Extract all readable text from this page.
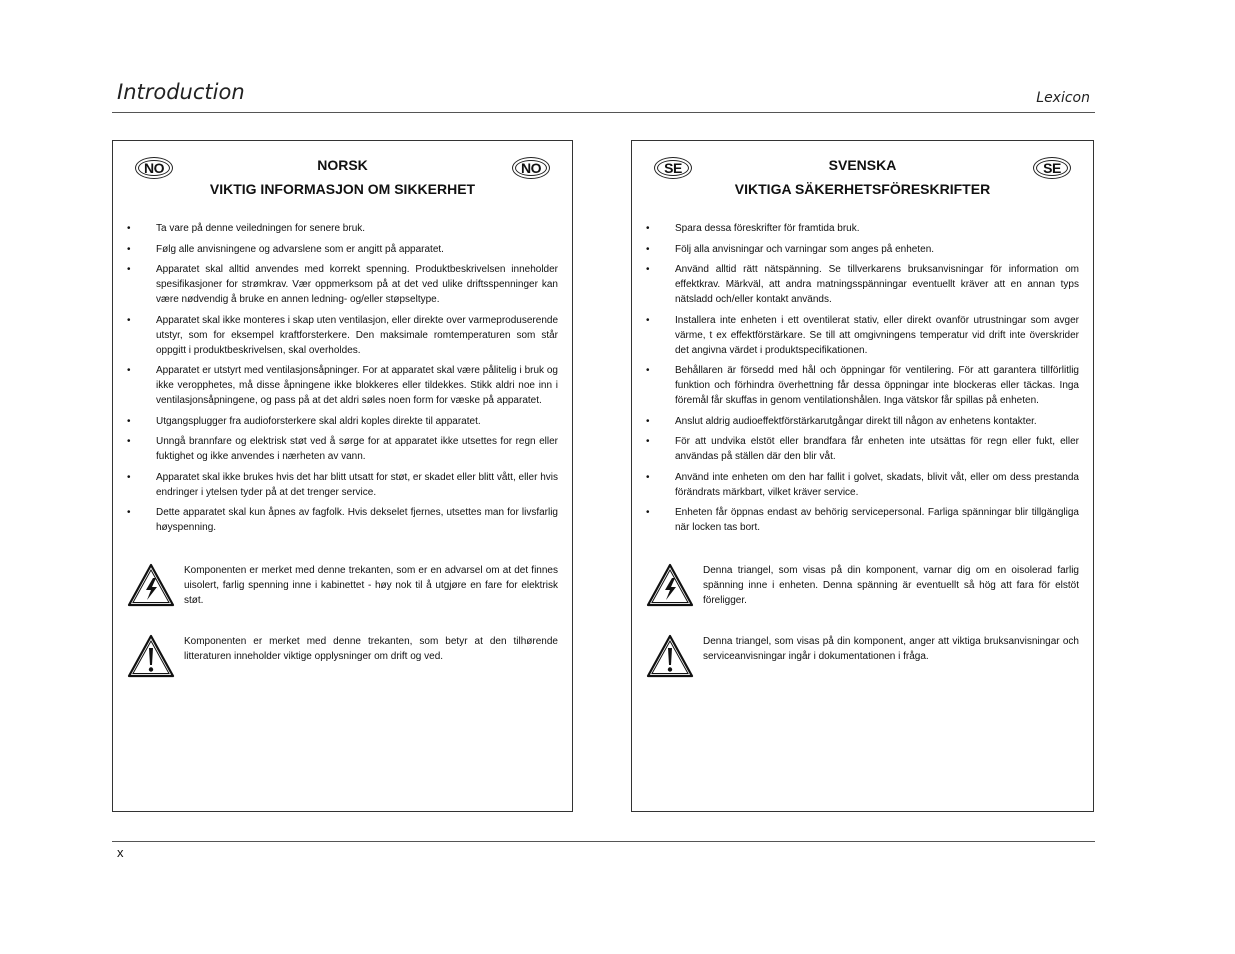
Introduction	Lexicon
NO	NO
NORSK
VIKTIG INFORMASJON OM SIKKERHET
• Ta vare på denne veiledningen for senere bruk.
• Følg alle anvisningene og advarslene som er angitt på apparatet.
• Apparatet skal alltid anvendes med korrekt spenning. Produktbeskrivelsen inneholder spesifikasjoner for strømkrav. Vær oppmerksom på at det ved ulike driftsspenninger kan være nødvendig å bruke en annen ledning- og/eller støpseltype.
• Apparatet skal ikke monteres i skap uten ventilasjon, eller direkte over varmeproduserende utstyr, som for eksempel kraftforsterkere. Den maksimale romtemperaturen som står oppgitt i produktbeskrivelsen, skal overholdes.
• Apparatet er utstyrt med ventilasjonsåpninger. For at apparatet skal være pålitelig i bruk og ikke veropphetes, må disse åpningene ikke blokkeres eller tildekkes. Stikk aldri noe inn i ventilasjonsåpningene, og pass på at det aldri søles noen form for væske på apparatet.
• Utgangsplugger fra audioforsterkere skal aldri koples direkte til apparatet.
• Unngå brannfare og elektrisk støt ved å sørge for at apparatet ikke utsettes for regn eller fuktighet og ikke anvendes i nærheten av vann.
• Apparatet skal ikke brukes hvis det har blitt utsatt for støt, er skadet eller blitt vått, eller hvis endringer i ytelsen tyder på at det trenger service.
• Dette apparatet skal kun åpnes av fagfolk. Hvis dekselet fjernes, utsettes man for livsfarlig høyspenning.
Komponenten er merket med denne trekanten, som er en advarsel om at det finnes uisolert, farlig spenning inne i kabinettet - høy nok til å utgjøre en fare for elektrisk støt.
Komponenten er merket med denne trekanten, som betyr at den tilhørende litteraturen inneholder viktige opplysninger om drift og ved.
SE	SE
SVENSKA
VIKTIGA SÄKERHETSFÖRESKRIFTER
• Spara dessa föreskrifter för framtida bruk.
• Följ alla anvisningar och varningar som anges på enheten.
• Använd alltid rätt nätspänning. Se tillverkarens bruksanvisningar för information om effektkrav. Märkväl, att andra matningsspänningar eventuellt kräver att en annan typs nätsladd och/eller kontakt används.
• Installera inte enheten i ett oventilerat stativ, eller direkt ovanför utrustningar som avger värme, t ex effektförstärkare. Se till att omgivningens temperatur vid drift inte överskrider det angivna värdet i produktspecifikationen.
• Behållaren är försedd med hål och öppningar för ventilering. För att garantera tillförlitlig funktion och förhindra överhettning får dessa öppningar inte blockeras eller täckas. Inga föremål får skuffas in genom ventilationshålen. Inga vätskor får spillas på enheten.
• Anslut aldrig audioeffektförstärkarutgångar direkt till någon av enhetens kontakter.
• För att undvika elstöt eller brandfara får enheten inte utsättas för regn eller fukt, eller användas på ställen där den blir våt.
• Använd inte enheten om den har fallit i golvet, skadats, blivit våt, eller om dess prestanda förändrats märkbart, vilket kräver service.
• Enheten får öppnas endast av behörig servicepersonal. Farliga spänningar blir tillgängliga när locken tas bort.
Denna triangel, som visas på din komponent, varnar dig om en oisolerad farlig spänning inne i enheten. Denna spänning är eventuellt så hög att fara för elstöt föreligger.
Denna triangel, som visas på din komponent, anger att viktiga bruksanvisningar och serviceanvisningar ingår i dokumentationen i fråga.
x
